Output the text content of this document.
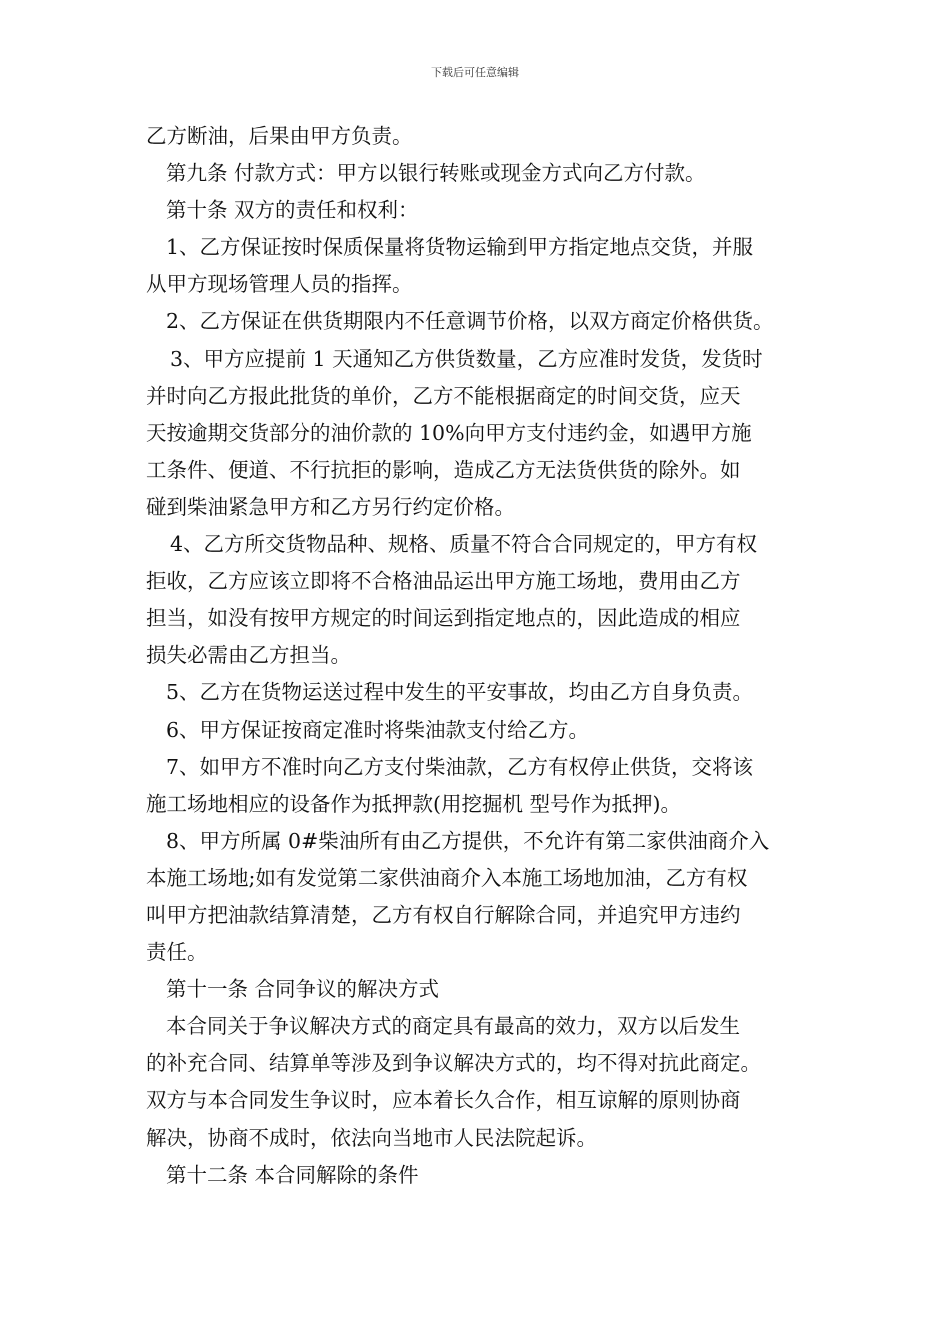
下载后可任意编辑
乙方断油，后果由甲方负责。
第九条 付款方式：甲方以银行转账或现金方式向乙方付款。
第十条 双方的责任和权利：
1、乙方保证按时保质保量将货物运输到甲方指定地点交货，并服
从甲方现场管理人员的指挥。
2、乙方保证在供货期限内不任意调节价格，以双方商定价格供货。
3、甲方应提前 1 天通知乙方供货数量，乙方应准时发货，发货时
并时向乙方报此批货的单价，乙方不能根据商定的时间交货，应天
天按逾期交货部分的油价款的 10%向甲方支付违约金，如遇甲方施
工条件、便道、不行抗拒的影响，造成乙方无法货供货的除外。如
碰到柴油紧急甲方和乙方另行约定价格。
4、乙方所交货物品种、规格、质量不符合合同规定的，甲方有权
拒收，乙方应该立即将不合格油品运出甲方施工场地，费用由乙方
担当，如没有按甲方规定的时间运到指定地点的，因此造成的相应
损失必需由乙方担当。
5、乙方在货物运送过程中发生的平安事故，均由乙方自身负责。
6、甲方保证按商定准时将柴油款支付给乙方。
7、如甲方不准时向乙方支付柴油款，乙方有权停止供货，交将该
施工场地相应的设备作为抵押款(用挖掘机 型号作为抵押)。
8、甲方所属 0#柴油所有由乙方提供，不允许有第二家供油商介入
本施工场地;如有发觉第二家供油商介入本施工场地加油，乙方有权
叫甲方把油款结算清楚，乙方有权自行解除合同，并追究甲方违约
责任。
第十一条 合同争议的解决方式
本合同关于争议解决方式的商定具有最高的效力，双方以后发生
的补充合同、结算单等涉及到争议解决方式的，均不得对抗此商定。
双方与本合同发生争议时，应本着长久合作，相互谅解的原则协商
解决，协商不成时，依法向当地市人民法院起诉。
第十二条 本合同解除的条件
